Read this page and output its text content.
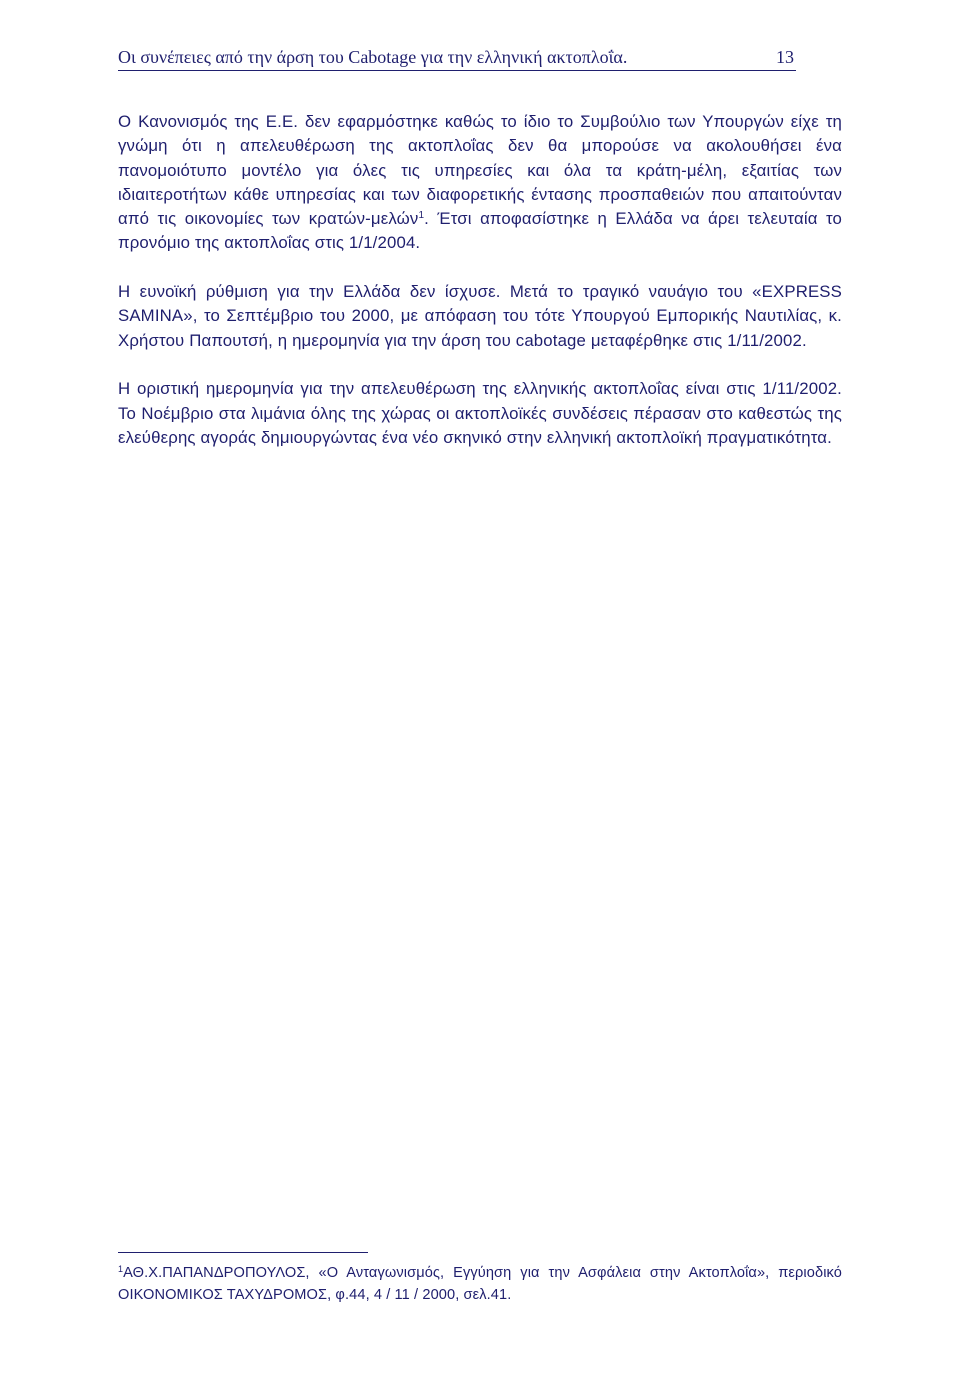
Οι συνέπειες από την άρση του Cabotage για την ελληνική ακτοπλοΐα.	13

Ο Κανονισμός της Ε.Ε. δεν εφαρμόστηκε καθώς το ίδιο το Συμβούλιο των Υπουργών είχε τη γνώμη ότι η απελευθέρωση της ακτοπλοΐας δεν θα μπορούσε να ακολουθήσει ένα πανομοιότυπο μοντέλο για όλες τις υπηρεσίες και όλα τα κράτη-μέλη, εξαιτίας των ιδιαιτεροτήτων κάθε υπηρεσίας και των διαφορετικής έντασης προσπαθειών που απαιτούνταν από τις οικονομίες των κρατών-μελών$^1$. Έτσι αποφασίστηκε η Ελλάδα να άρει τελευταία το προνόμιο της ακτοπλοΐας στις 1/1/2004.

Η ευνοϊκή ρύθμιση για την Ελλάδα δεν ίσχυσε. Μετά το τραγικό ναυάγιο του «EXPRESS SAMINA», το Σεπτέμβριο του 2000, με απόφαση του τότε Υπουργού Εμπορικής Ναυτιλίας, κ. Χρήστου Παπουτσή, η ημερομηνία για την άρση του cabotage μεταφέρθηκε στις 1/11/2002.

Η οριστική ημερομηνία για την απελευθέρωση της ελληνικής ακτοπλοΐας είναι στις 1/11/2002. Το Νοέμβριο στα λιμάνια όλης της χώρας οι ακτοπλοϊκές συνδέσεις πέρασαν στο καθεστώς της ελεύθερης αγοράς δημιουργώντας ένα νέο σκηνικό στην ελληνική ακτοπλοϊκή πραγματικότητα.

$^1$ΑΘ.Χ.ΠΑΠΑΝΔΡΟΠΟΥΛΟΣ, «Ο Ανταγωνισμός, Εγγύηση για την Ασφάλεια στην Ακτοπλοΐα», περιοδικό ΟΙΚΟΝΟΜΙΚΟΣ ΤΑΧΥΔΡΟΜΟΣ, φ.44, 4 / 11 / 2000, σελ.41.
